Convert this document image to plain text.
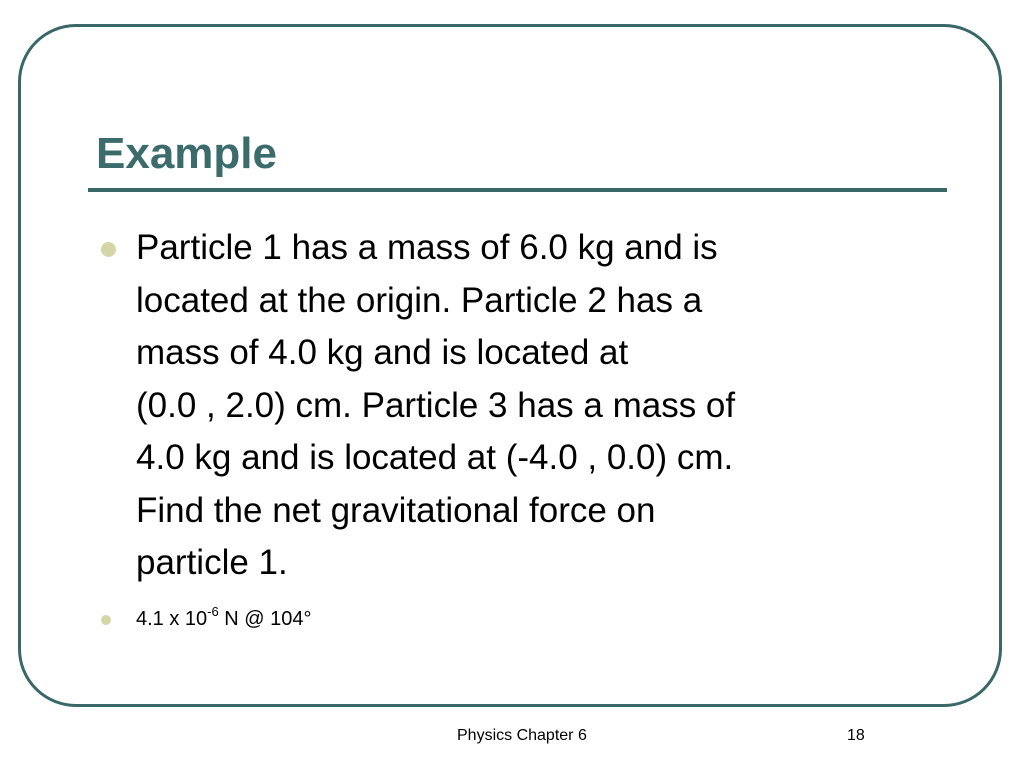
Example
Particle 1 has a mass of 6.0 kg and is
located at the origin. Particle 2 has a
mass of 4.0 kg and is located at
(0.0 , 2.0) cm. Particle 3 has a mass of
4.0 kg and is located at (-4.0 , 0.0) cm.
Find the net gravitational force on
particle 1.
4.1 x $10^{-6}$ N @ 104°
Physics Chapter 6	18
